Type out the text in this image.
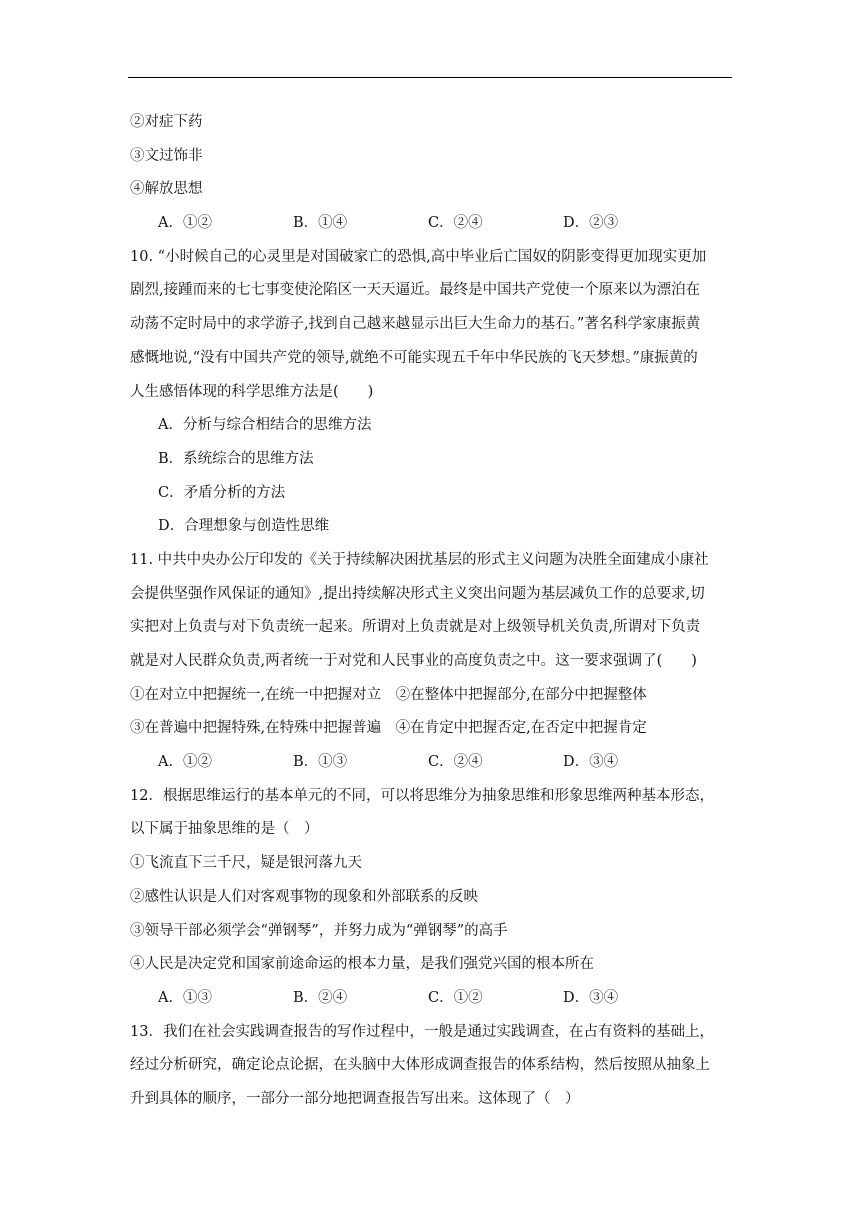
②对症下药
③文过饰非
④解放思想
A．①②	B．①④	C．②④	D．②③
10. “小时候自己的心灵里是对国破家亡的恐惧,高中毕业后亡国奴的阴影变得更加现实更加
剧烈,接踵而来的七七事变使沦陷区一天天逼近。最终是中国共产党使一个原来以为漂泊在
动荡不定时局中的求学游子,找到自己越来越显示出巨大生命力的基石。”著名科学家康振黄
感慨地说,“没有中国共产党的领导,就绝不可能实现五千年中华民族的飞天梦想。”康振黄的
人生感悟体现的科学思维方法是(　　)
A．分析与综合相结合的思维方法
B．系统综合的思维方法
C．矛盾分析的方法
D．合理想象与创造性思维
11. 中共中央办公厅印发的《关于持续解决困扰基层的形式主义问题为决胜全面建成小康社
会提供坚强作风保证的通知》,提出持续解决形式主义突出问题为基层减负工作的总要求,切
实把对上负责与对下负责统一起来。所谓对上负责就是对上级领导机关负责,所谓对下负责
就是对人民群众负责,两者统一于对党和人民事业的高度负责之中。这一要求强调了(　　)
①在对立中把握统一,在统一中把握对立　②在整体中把握部分,在部分中把握整体
③在普遍中把握特殊,在特殊中把握普遍　④在肯定中把握否定,在否定中把握肯定
A．①②	B．①③	C．②④	D．③④
12．根据思维运行的基本单元的不同，可以将思维分为抽象思维和形象思维两种基本形态，
以下属于抽象思维的是（　）
①飞流直下三千尺，疑是银河落九天
②感性认识是人们对客观事物的现象和外部联系的反映
③领导干部必须学会“弹钢琴”，并努力成为“弹钢琴”的高手
④人民是决定党和国家前途命运的根本力量，是我们强党兴国的根本所在
A．①③	B．②④	C．①②	D．③④
13．我们在社会实践调查报告的写作过程中，一般是通过实践调查，在占有资料的基础上，
经过分析研究，确定论点论据，在头脑中大体形成调查报告的体系结构，然后按照从抽象上
升到具体的顺序，一部分一部分地把调查报告写出来。这体现了（　）
